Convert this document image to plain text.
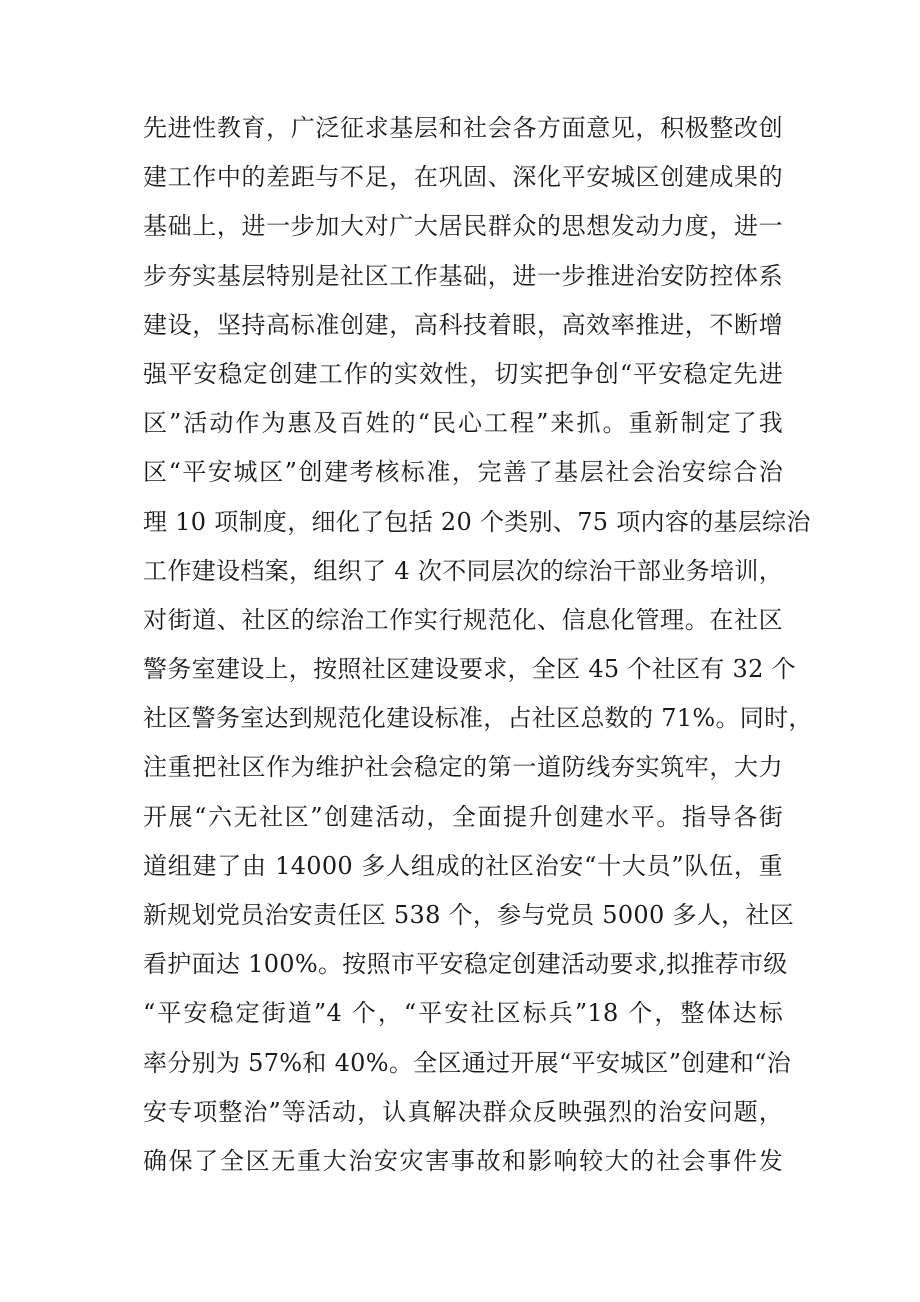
先进性教育，广泛征求基层和社会各方面意见，积极整改创
建工作中的差距与不足，在巩固、深化平安城区创建成果的
基础上，进一步加大对广大居民群众的思想发动力度，进一
步夯实基层特别是社区工作基础，进一步推进治安防控体系
建设，坚持高标准创建，高科技着眼，高效率推进，不断增
强平安稳定创建工作的实效性，切实把争创“平安稳定先进
区”活动作为惠及百姓的“民心工程”来抓。重新制定了我
区“平安城区”创建考核标准，完善了基层社会治安综合治
理 10 项制度，细化了包括 20 个类别、75 项内容的基层综治
工作建设档案，组织了 4 次不同层次的综治干部业务培训，
对街道、社区的综治工作实行规范化、信息化管理。在社区
警务室建设上，按照社区建设要求，全区 45 个社区有 32 个
社区警务室达到规范化建设标准，占社区总数的 71%。同时，
注重把社区作为维护社会稳定的第一道防线夯实筑牢，大力
开展“六无社区”创建活动，全面提升创建水平。指导各街
道组建了由 14000 多人组成的社区治安“十大员”队伍，重
新规划党员治安责任区 538 个，参与党员 5000 多人，社区
看护面达 100%。按照市平安稳定创建活动要求,拟推荐市级
“平安稳定街道”4 个，“平安社区标兵”18 个，整体达标
率分别为 57%和 40%。全区通过开展“平安城区”创建和“治
安专项整治”等活动，认真解决群众反映强烈的治安问题，
确保了全区无重大治安灾害事故和影响较大的社会事件发
